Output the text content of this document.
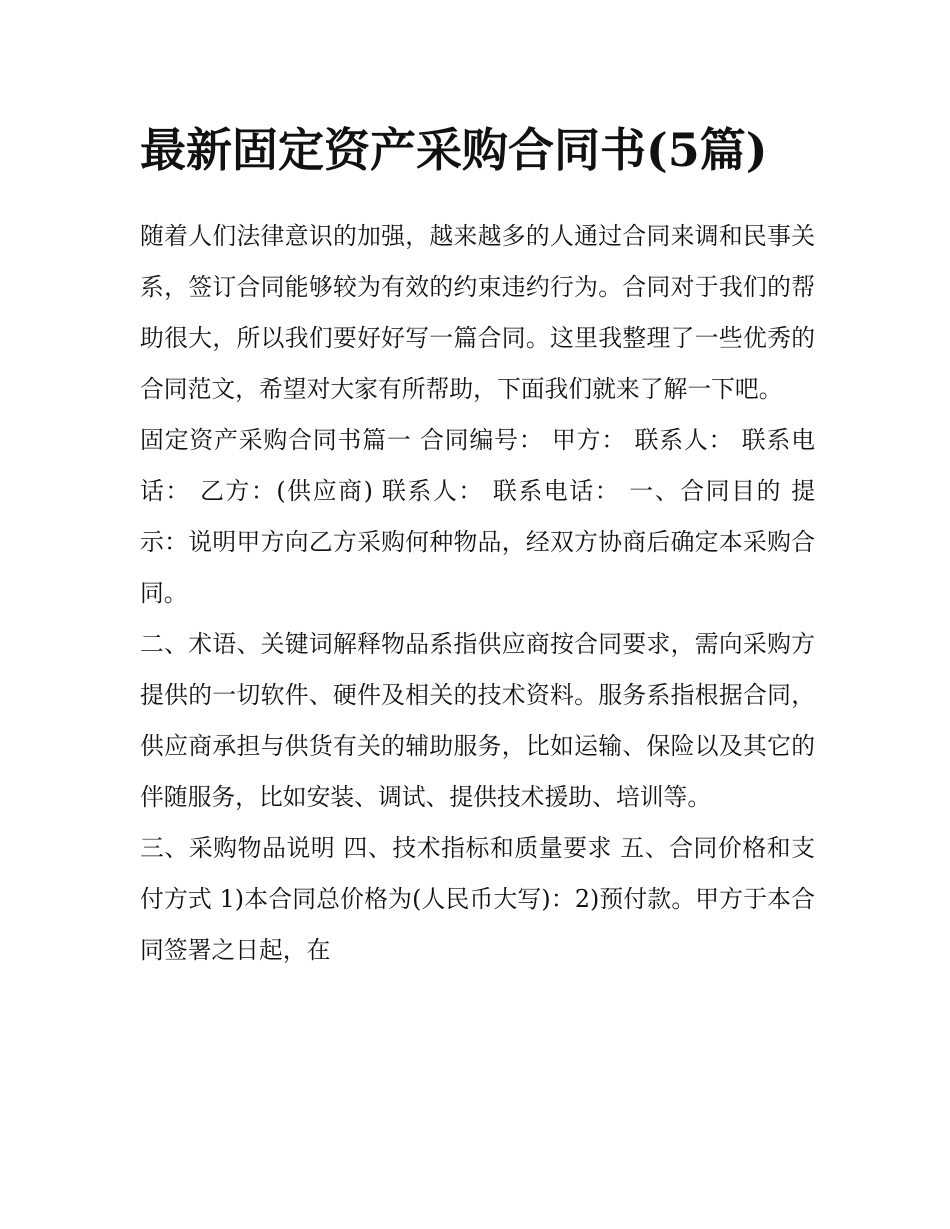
最新固定资产采购合同书(5篇)

随着人们法律意识的加强，越来越多的人通过合同来调和民事关系，签订合同能够较为有效的约束违约行为。合同对于我们的帮助很大，所以我们要好好写一篇合同。这里我整理了一些优秀的合同范文，希望对大家有所帮助，下面我们就来了解一下吧。

固定资产采购合同书篇一 合同编号： 甲方： 联系人： 联系电话： 乙方：(供应商) 联系人： 联系电话： 一、合同目的 提示：说明甲方向乙方采购何种物品，经双方协商后确定本采购合同。

二、术语、关键词解释物品系指供应商按合同要求，需向采购方提供的一切软件、硬件及相关的技术资料。服务系指根据合同，供应商承担与供货有关的辅助服务，比如运输、保险以及其它的伴随服务，比如安装、调试、提供技术援助、培训等。

三、采购物品说明 四、技术指标和质量要求 五、合同价格和支付方式 1)本合同总价格为(人民币大写)：2)预付款。甲方于本合同签署之日起，在
